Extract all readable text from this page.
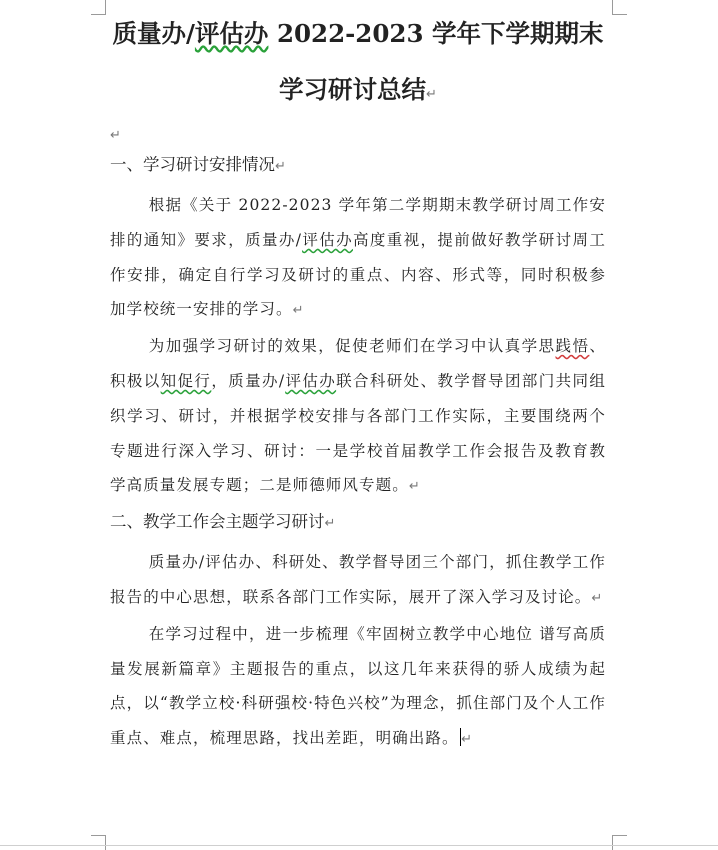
质量办/评估办 2022-2023 学年下学期期末

学习研讨总结↵

↵

一、学习研讨安排情况↵

根据《关于 2022-2023 学年第二学期期末教学研讨周工作安排的通知》要求，质量办/评估办高度重视，提前做好教学研讨周工作安排，确定自行学习及研讨的重点、内容、形式等，同时积极参加学校统一安排的学习。↵

为加强学习研讨的效果，促使老师们在学习中认真学思践悟、积极以知促行，质量办/评估办联合科研处、教学督导团部门共同组织学习、研讨，并根据学校安排与各部门工作实际，主要围绕两个专题进行深入学习、研讨：一是学校首届教学工作会报告及教育教学高质量发展专题；二是师德师风专题。↵

二、教学工作会主题学习研讨↵

质量办/评估办、科研处、教学督导团三个部门，抓住教学工作报告的中心思想，联系各部门工作实际，展开了深入学习及讨论。↵

在学习过程中，进一步梳理《牢固树立教学中心地位 谱写高质量发展新篇章》主题报告的重点，以这几年来获得的骄人成绩为起点，以“教学立校·科研强校·特色兴校”为理念，抓住部门及个人工作重点、难点，梳理思路，找出差距，明确出路。 ↵
